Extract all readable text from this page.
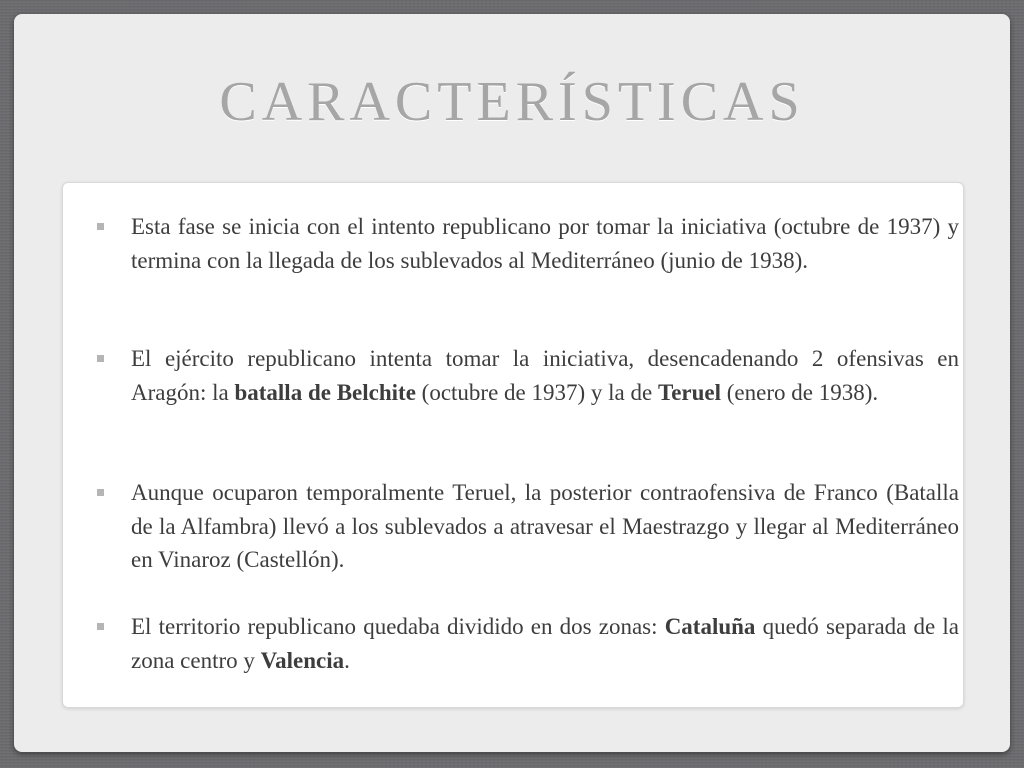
CARACTERÍSTICAS
Esta fase se inicia con el intento republicano por tomar la iniciativa (octubre de 1937) y termina con la llegada de los sublevados al Mediterráneo (junio de 1938).
El ejército republicano intenta tomar la iniciativa, desencadenando 2 ofensivas en Aragón: la batalla de Belchite (octubre de 1937) y la de Teruel (enero de 1938).
Aunque ocuparon temporalmente Teruel, la posterior contraofensiva de Franco (Batalla de la Alfambra) llevó a los sublevados a atravesar el Maestrazgo y llegar al Mediterráneo en Vinaroz (Castellón).
El territorio republicano quedaba dividido en dos zonas: Cataluña quedó separada de la zona centro y Valencia.
